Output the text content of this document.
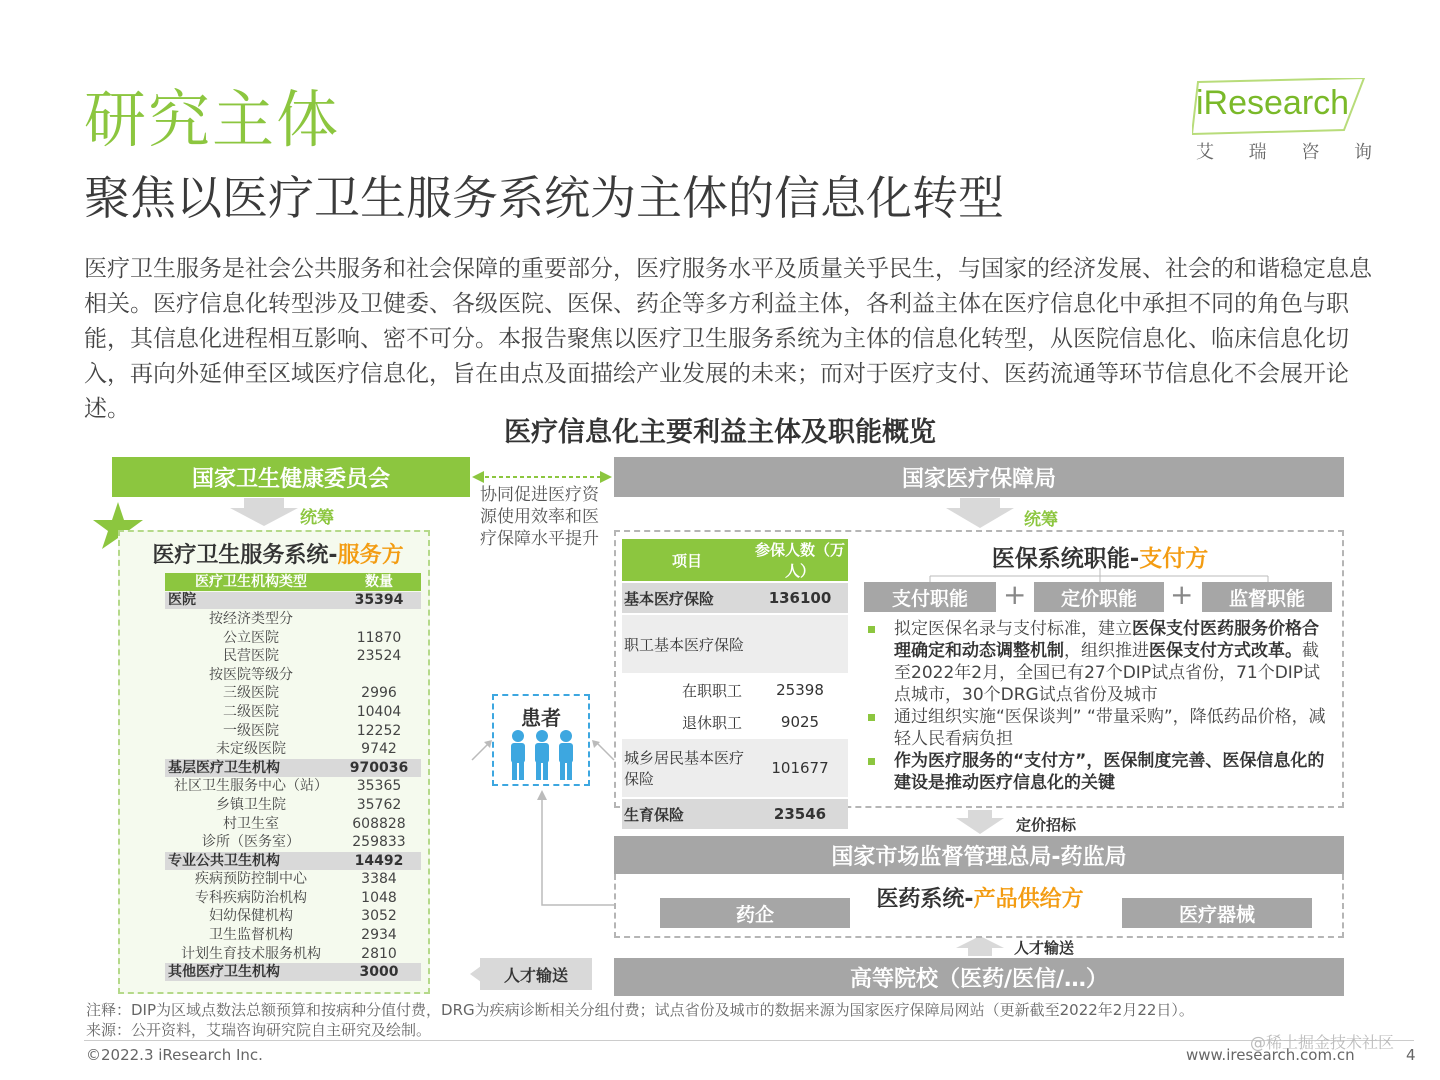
研究主体
聚焦以医疗卫生服务系统为主体的信息化转型
iResearch
艾 瑞 咨 询
医疗卫生服务是社会公共服务和社会保障的重要部分，医疗服务水平及质量关乎民生，与国家的经济发展、社会的和谐稳定息息相关。医疗信息化转型涉及卫健委、各级医院、医保、药企等多方利益主体，各利益主体在医疗信息化中承担不同的角色与职能，其信息化进程相互影响、密不可分。本报告聚焦以医疗卫生服务系统为主体的信息化转型，从医院信息化、临床信息化切入，再向外延伸至区域医疗信息化，旨在由点及面描绘产业发展的未来；而对于医疗支付、医药流通等环节信息化不会展开论述。
医疗信息化主要利益主体及职能概览
国家卫生健康委员会	国家医疗保障局
协同促进医疗资源使用效率和医疗保障水平提升
统筹	统筹
医疗卫生服务系统-服务方
医疗卫生机构类型	数量
医院	35394
按经济类型分	
公立医院	11870
民营医院	23524
按医院等级分	
三级医院	2996
二级医院	10404
一级医院	12252
未定级医院	9742
基层医疗卫生机构	970036
社区卫生服务中心（站）	35365
乡镇卫生院	35762
村卫生室	608828
诊所（医务室）	259833
专业公共卫生机构	14492
疾病预防控制中心	3384
专科疾病防治机构	1048
妇幼保健机构	3052
卫生监督机构	2934
计划生育技术服务机构	2810
其他医疗卫生机构	3000
患者
人才输送
项目	参保人数（万人）
基本医疗保险	136100
职工基本医疗保险	
在职职工	25398
退休职工	9025
城乡居民基本医疗保险	101677
生育保险	23546
医保系统职能-支付方
支付职能	+	定价职能	+	监督职能
拟定医保名录与支付标准，建立医保支付医药服务价格合理确定和动态调整机制，组织推进医保支付方式改革。截至2022年2月，全国已有27个DIP试点省份，71个DIP试点城市，30个DRG试点省份及城市
通过组织实施“医保谈判” “带量采购”，降低药品价格，减轻人民看病负担
作为医疗服务的“支付方”，医保制度完善、医保信息化的建设是推动医疗信息化的关键
定价招标
国家市场监督管理总局-药监局
医药系统-产品供给方
药企	医疗器械
人才输送
高等院校（医药/医信/…）
注释：DIP为区域点数法总额预算和按病种分值付费，DRG为疾病诊断相关分组付费；试点省份及城市的数据来源为国家医疗保障局网站（更新截至2022年2月22日）。
来源：公开资料，艾瑞咨询研究院自主研究及绘制。
©2022.3 iResearch Inc.
@稀土掘金技术社区
www.iresearch.com.cn	4
